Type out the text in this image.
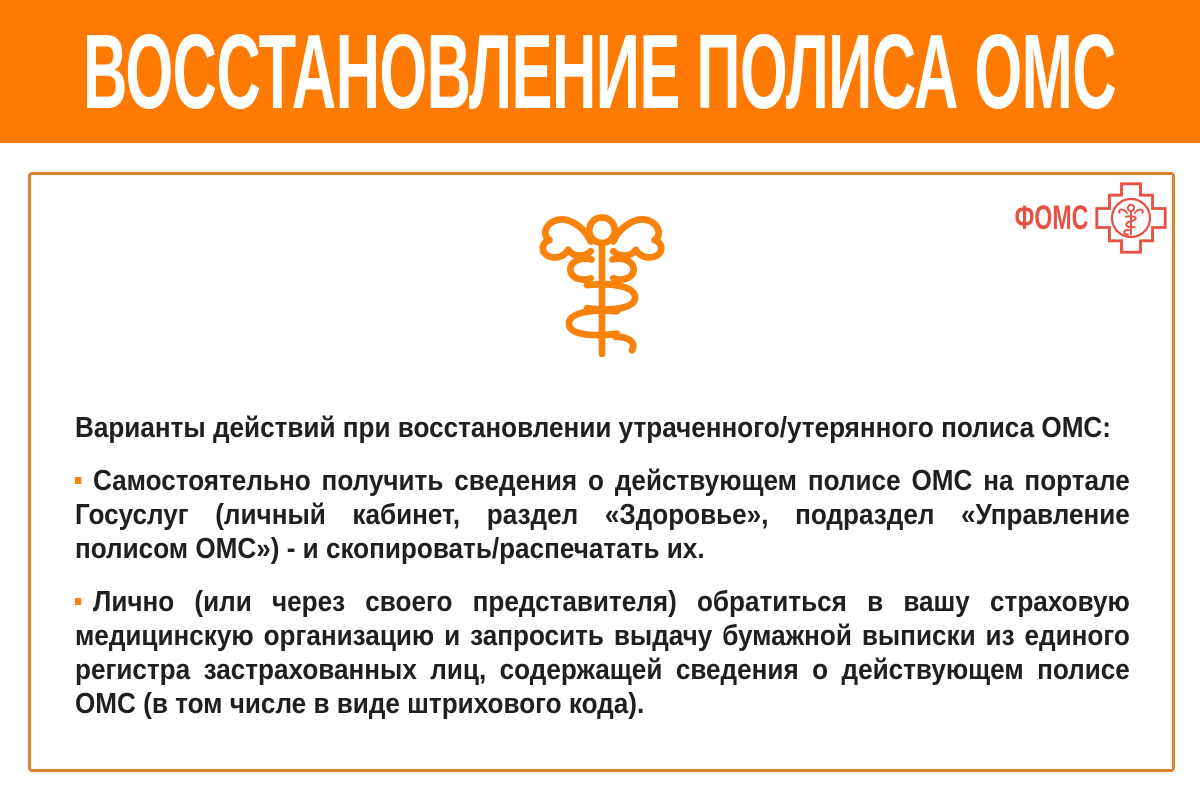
ВОССТАНОВЛЕНИЕ ПОЛИСА ОМС
ФОМС

Варианты действий при восстановлении утраченного/утерянного полиса ОМС:

Самостоятельно получить сведения о действующем полисе ОМС на портале Госуслуг (личный кабинет, раздел «Здоровье», подраздел «Управление полисом ОМС») - и скопировать/распечатать их.

Лично (или через своего представителя) обратиться в вашу страховую медицинскую организацию и запросить выдачу бумажной выписки из единого регистра застрахованных лиц, содержащей сведения о действующем полисе ОМС (в том числе в виде штрихового кода).
